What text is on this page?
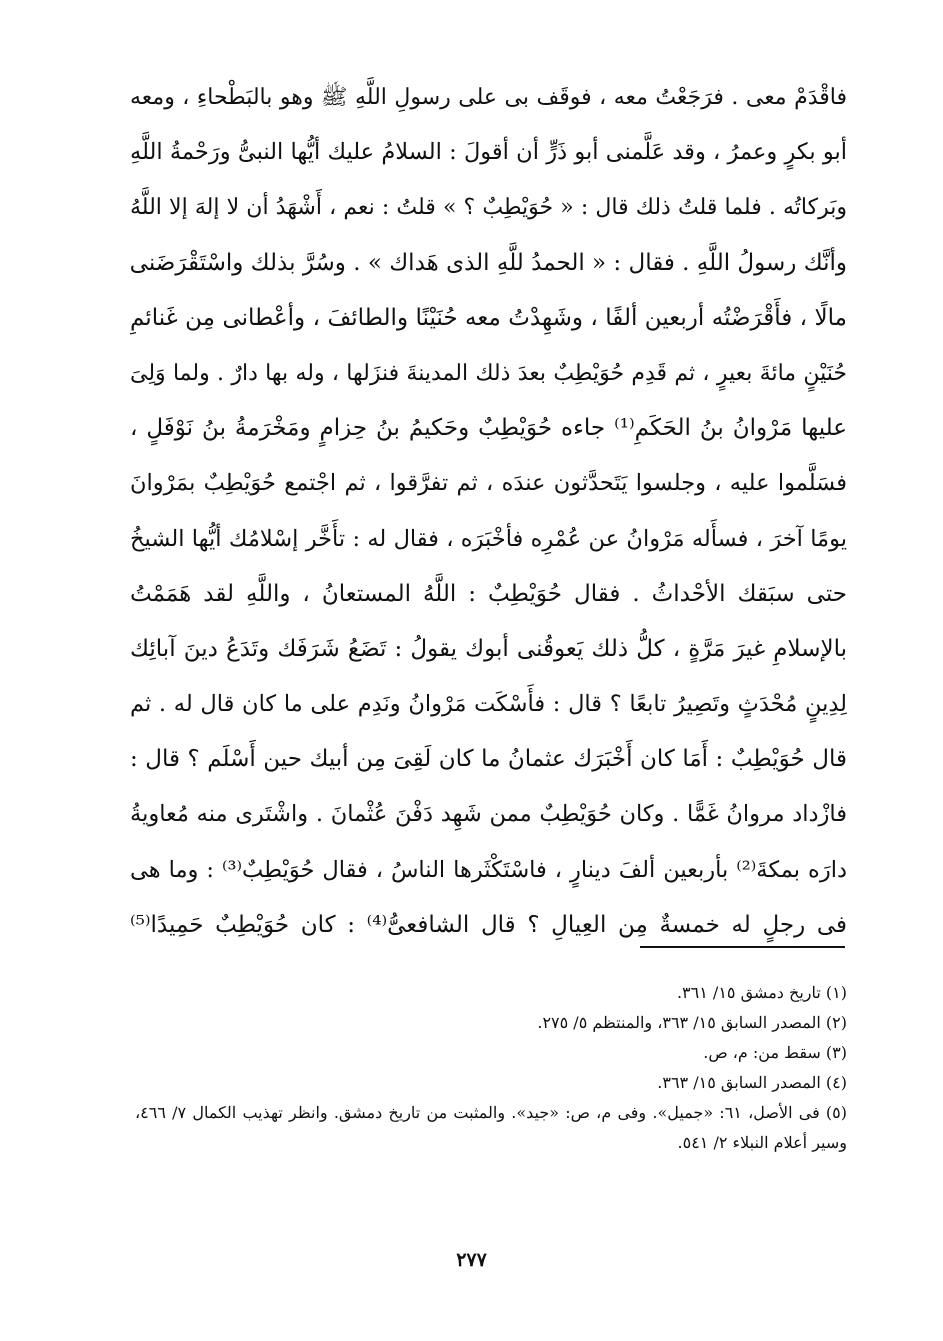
فاقْدَمْ معى . فرَجَعْتُ معه ، فوقَف بى على رسولِ اللَّهِ ﷺ وهو بالبَطْحاءِ ، ومعه
أبو بكرٍ وعمرُ ، وقد عَلَّمنى أبو ذَرٍّ أن أقولَ : السلامُ عليك أيُّها النبىُّ ورَحْمةُ اللَّهِ
وبَركاتُه . فلما قلتُ ذلك قال : « حُوَيْطِبٌ ؟ » قلتُ : نعم ، أَشْهَدُ أن لا إلهَ إلا اللَّهُ
وأنَّك رسولُ اللَّهِ . فقال : « الحمدُ للَّهِ الذى هَداك » . وسُرَّ بذلك واسْتَقْرَضَنى
مالًا ، فأَقْرَضْتُه أربعين ألفًا ، وشَهِدْتُ معه حُنَيْنًا والطائفَ ، وأعْطانى مِن غَنائمِ
حُنَيْنٍ مائةَ بعيرٍ ، ثم قَدِم حُوَيْطِبٌ بعدَ ذلك المدينةَ فنزَلها ، وله بها دارٌ . ولما وَلِىَ
عليها مَرْوانُ بنُ الحَكَمِ⁽¹⁾ جاءه حُوَيْطِبٌ وحَكيمُ بنُ حِزامٍ ومَخْرَمةُ بنُ نَوْفَلٍ ،
فسَلَّموا عليه ، وجلسوا يَتَحدَّثون عندَه ، ثم تفرَّقوا ، ثم اجْتمع حُوَيْطِبٌ بمَرْوانَ
يومًا آخرَ ، فسأَله مَرْوانُ عن عُمْرِه فأخْبَرَه ، فقال له : تأَخَّر إسْلامُك أيُّها الشيخُ
حتى سبَقك الأحْداثُ . فقال حُوَيْطِبٌ : اللَّهُ المستعانُ ، واللَّهِ لقد هَمَمْتُ
بالإسلامِ غيرَ مَرَّةٍ ، كلُّ ذلك يَعوقُنى أبوك يقولُ : تَضَعُ شَرَفَك وتَدَعُ دينَ آبائِك
لِدِينٍ مُحْدَثٍ وتَصِيرُ تابعًا ؟ قال : فأَسْكَت مَرْوانُ ونَدِم على ما كان قال له . ثم
قال حُوَيْطِبٌ : أَمَا كان أَخْبَرَك عثمانُ ما كان لَقِىَ مِن أبيك حين أَسْلَم ؟ قال :
فازْداد مروانُ غَمًّا . وكان حُوَيْطِبٌ ممن شَهِد دَفْنَ عُثْمانَ . واشْتَرى منه مُعاويةُ
دارَه بمكةَ⁽²⁾ بأربعين ألفَ دينارٍ ، فاسْتَكْثَرها الناسُ ، فقال حُوَيْطِبٌ⁽³⁾ : وما هى
فى رجلٍ له خمسةٌ مِن العِيالِ ؟ قال الشافعىُّ⁽⁴⁾ : كان حُوَيْطِبٌ حَمِيدًا⁽⁵⁾
(١) تاريخ دمشق ١٥/ ٣٦١.
(٢) المصدر السابق ١٥/ ٣٦٣، والمنتظم ٥/ ٢٧٥.
(٣) سقط من: م، ص.
(٤) المصدر السابق ١٥/ ٣٦٣.
(٥) فى الأصل، ٦١: «جميل». وفى م، ص: «جيد». والمثبت من تاريخ دمشق. وانظر تهذيب الكمال ٧/ ٤٦٦، وسير أعلام النبلاء ٢/ ٥٤١.
٢٧٧
